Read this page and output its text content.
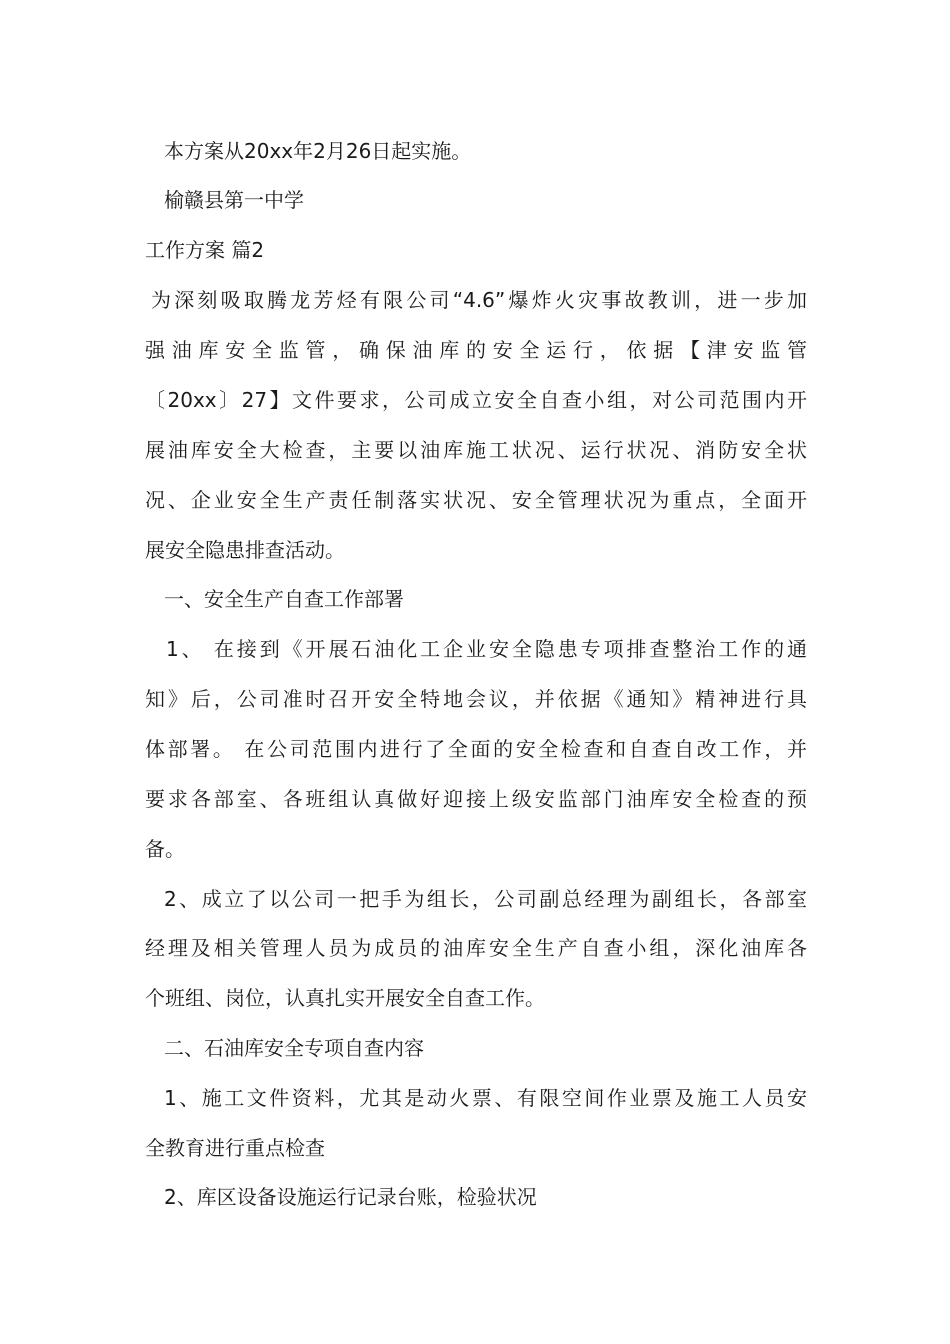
本方案从20xx年2月26日起实施。
榆赣县第一中学
工作方案 篇2
为深刻吸取腾龙芳烃有限公司“4.6”爆炸火灾事故教训，进一步加
强油库安全监管，确保油库的安全运行，依据【津安监管
〔20xx〕27】文件要求，公司成立安全自查小组，对公司范围内开
展油库安全大检查，主要以油库施工状况、运行状况、消防安全状
况、企业安全生产责任制落实状况、安全管理状况为重点，全面开
展安全隐患排查活动。
一、安全生产自查工作部署
1、 在接到《开展石油化工企业安全隐患专项排查整治工作的通
知》后，公司准时召开安全特地会议，并依据《通知》精神进行具
体部署。 在公司范围内进行了全面的安全检查和自查自改工作，并
要求各部室、各班组认真做好迎接上级安监部门油库安全检查的预
备。
2、成立了以公司一把手为组长，公司副总经理为副组长，各部室
经理及相关管理人员为成员的油库安全生产自查小组，深化油库各
个班组、岗位，认真扎实开展安全自查工作。
二、石油库安全专项自查内容
1、施工文件资料，尤其是动火票、有限空间作业票及施工人员安
全教育进行重点检查
2、库区设备设施运行记录台账，检验状况
